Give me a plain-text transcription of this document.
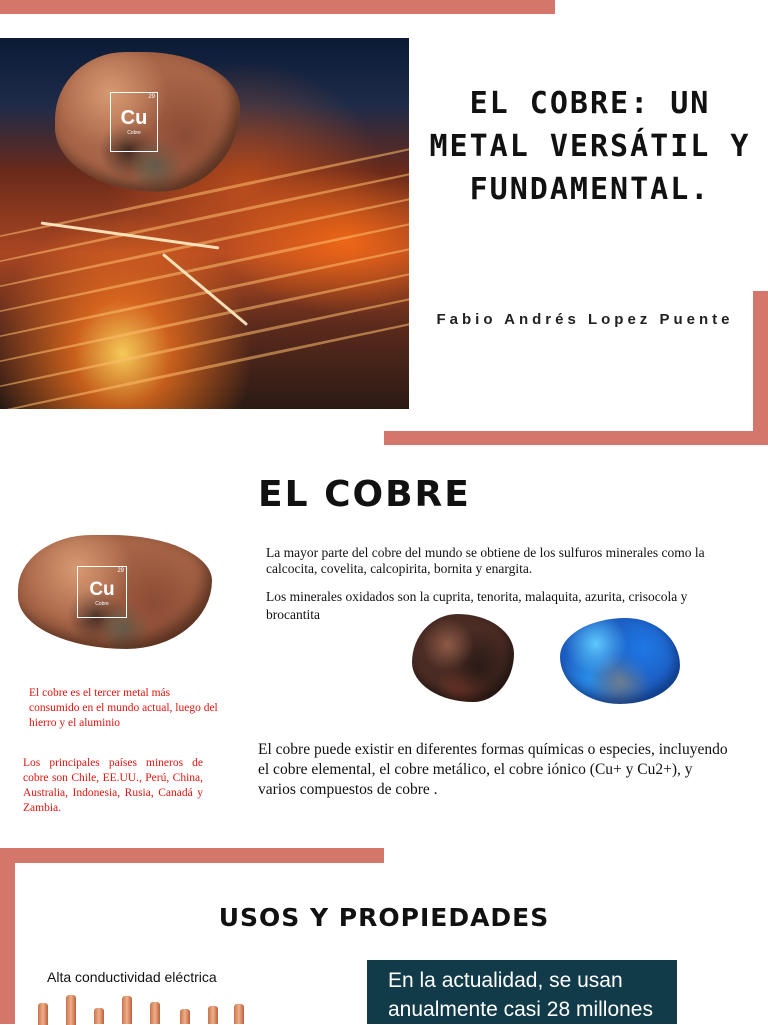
29
Cu
Cobre
EL COBRE: UN METAL VERSÁTIL Y FUNDAMENTAL.
Fabio Andrés Lopez Puente
EL COBRE
29
Cu
Cobre
La mayor parte del cobre del mundo se obtiene de los sulfuros minerales como la calcocita, covelita, calcopirita, bornita y enargita.
Los minerales oxidados son la cuprita, tenorita, malaquita, azurita, crisocola y brocantita
El cobre es el tercer metal más consumido en el mundo actual, luego del hierro y el aluminio
Los principales países mineros de cobre son Chile, EE.UU., Perú, China, Australia, Indonesia, Rusia, Canadá y Zambia.
El cobre puede existir en diferentes formas químicas o especies, incluyendo el cobre elemental, el cobre metálico, el cobre iónico (Cu+ y Cu2+), y varios compuestos de cobre .
USOS Y PROPIEDADES
Alta conductividad eléctrica	En la actualidad, se usan anualmente casi 28 millones
